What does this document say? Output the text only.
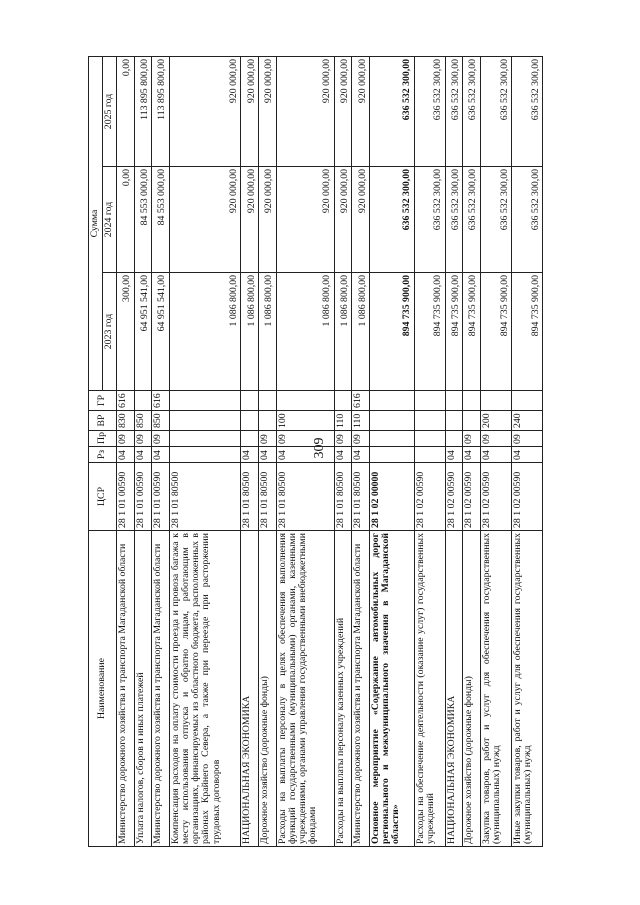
309
Наименование	ЦСР	Рз	Пр	ВР	ГР	Сумма		
						2023 год	2024 год	2025 год
Министерство дорожного хозяйства и транспорта Магаданской области	28 1 01 00590	04	09	830	616	300,00	0,00	0,00
Уплата налогов, сборов и иных платежей	28 1 01 00590	04	09	850		64 951 541,00	84 553 000,00	113 895 800,00
Министерство дорожного хозяйства и транспорта Магаданской области	28 1 01 00590	04	09	850	616	64 951 541,00	84 553 000,00	113 895 800,00
Компенсация расходов на оплату стоимости проезда и провоза багажа к месту использования отпуска и обратно лицам, работающим в организациях, финансируемых из областного бюджета, расположенных в районах Крайнего Севера, а также при переезде при расторжении трудовых договоров	28 1 01 80500					1 086 800,00	920 000,00	920 000,00
НАЦИОНАЛЬНАЯ ЭКОНОМИКА	28 1 01 80500	04				1 086 800,00	920 000,00	920 000,00
Дорожное хозяйство (дорожные фонды)	28 1 01 80500	04	09			1 086 800,00	920 000,00	920 000,00
Расходы на выплаты персоналу в целях обеспечения выполнения функций государственными (муниципальными) органами, казенными учреждениями, органами управления государственными внебюджетными фондами	28 1 01 80500	04	09	100		1 086 800,00	920 000,00	920 000,00
Расходы на выплаты персоналу казенных учреждений	28 1 01 80500	04	09	110		1 086 800,00	920 000,00	920 000,00
Министерство дорожного хозяйства и транспорта Магаданской области	28 1 01 80500	04	09	110	616	1 086 800,00	920 000,00	920 000,00
Основное мероприятие «Содержание автомобильных дорог регионального и межмуниципального значения в Магаданской области»	28 1 02 00000					894 735 900,00	636 532 300,00	636 532 300,00
Расходы на обеспечение деятельности (оказание услуг) государственных учреждений	28 1 02 00590					894 735 900,00	636 532 300,00	636 532 300,00
НАЦИОНАЛЬНАЯ ЭКОНОМИКА	28 1 02 00590	04				894 735 900,00	636 532 300,00	636 532 300,00
Дорожное хозяйство (дорожные фонды)	28 1 02 00590	04	09			894 735 900,00	636 532 300,00	636 532 300,00
Закупка товаров, работ и услуг для обеспечения государственных (муниципальных) нужд	28 1 02 00590	04	09	200		894 735 900,00	636 532 300,00	636 532 300,00
Иные закупки товаров, работ и услуг для обеспечения государственных (муниципальных) нужд	28 1 02 00590	04	09	240		894 735 900,00	636 532 300,00	636 532 300,00
